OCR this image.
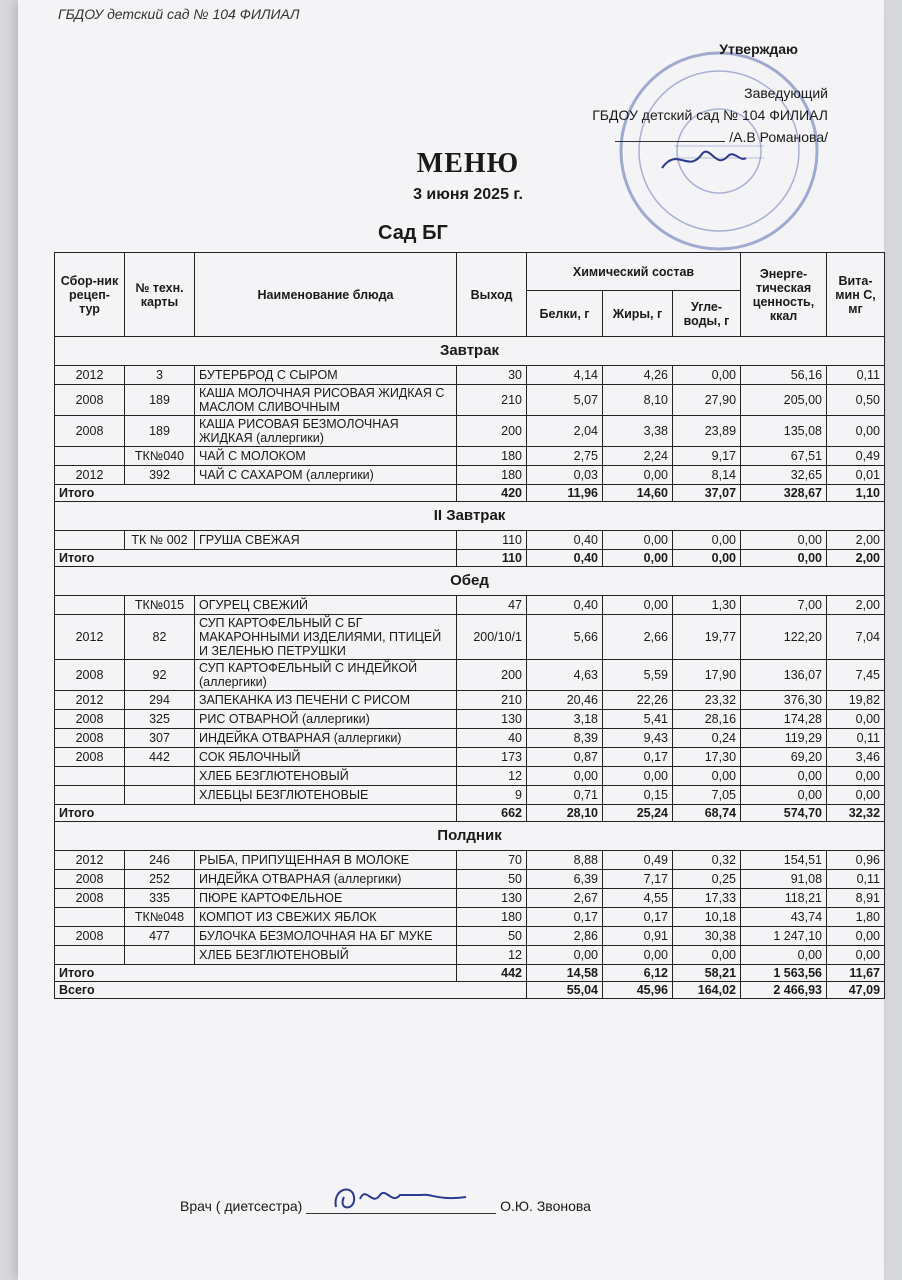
ГБДОУ детский сад № 104 ФИЛИАЛ
Утверждаю
Заведующий
ГБДОУ детский сад № 104 ФИЛИАЛ
/А.В Романова/
МЕНЮ
3 июня 2025 г.
Сад БГ
Сбор-ник рецеп-тур	№ техн. карты	Наименование блюда	Выход	Химический состав			Энерге-тическая ценность, ккал	Вита-мин С, мг
				Белки, г	Жиры, г	Угле-воды, г		
Завтрак								
2012	3	БУТЕРБРОД С СЫРОМ	30	4,14	4,26	0,00	56,16	0,11
2008	189	КАША МОЛОЧНАЯ РИСОВАЯ ЖИДКАЯ С МАСЛОМ СЛИВОЧНЫМ	210	5,07	8,10	27,90	205,00	0,50
2008	189	КАША РИСОВАЯ БЕЗМОЛОЧНАЯ ЖИДКАЯ (аллергики)	200	2,04	3,38	23,89	135,08	0,00
	ТК№040	ЧАЙ С МОЛОКОМ	180	2,75	2,24	9,17	67,51	0,49
2012	392	ЧАЙ С САХАРОМ (аллергики)	180	0,03	0,00	8,14	32,65	0,01
Итого			420	11,96	14,60	37,07	328,67	1,10
II Завтрак								
	ТК № 002	ГРУША СВЕЖАЯ	110	0,40	0,00	0,00	0,00	2,00
Итого			110	0,40	0,00	0,00	0,00	2,00
Обед								
	ТК№015	ОГУРЕЦ СВЕЖИЙ	47	0,40	0,00	1,30	7,00	2,00
2012	82	СУП КАРТОФЕЛЬНЫЙ С БГ МАКАРОННЫМИ ИЗДЕЛИЯМИ, ПТИЦЕЙ И ЗЕЛЕНЬЮ ПЕТРУШКИ	200/10/1	5,66	2,66	19,77	122,20	7,04
2008	92	СУП КАРТОФЕЛЬНЫЙ С ИНДЕЙКОЙ (аллергики)	200	4,63	5,59	17,90	136,07	7,45
2012	294	ЗАПЕКАНКА ИЗ ПЕЧЕНИ С РИСОМ	210	20,46	22,26	23,32	376,30	19,82
2008	325	РИС ОТВАРНОЙ (аллергики)	130	3,18	5,41	28,16	174,28	0,00
2008	307	ИНДЕЙКА ОТВАРНАЯ (аллергики)	40	8,39	9,43	0,24	119,29	0,11
2008	442	СОК ЯБЛОЧНЫЙ	173	0,87	0,17	17,30	69,20	3,46
		ХЛЕБ БЕЗГЛЮТЕНОВЫЙ	12	0,00	0,00	0,00	0,00	0,00
		ХЛЕБЦЫ БЕЗГЛЮТЕНОВЫЕ	9	0,71	0,15	7,05	0,00	0,00
Итого			662	28,10	25,24	68,74	574,70	32,32
Полдник								
2012	246	РЫБА, ПРИПУЩЕННАЯ В МОЛОКЕ	70	8,88	0,49	0,32	154,51	0,96
2008	252	ИНДЕЙКА ОТВАРНАЯ (аллергики)	50	6,39	7,17	0,25	91,08	0,11
2008	335	ПЮРЕ КАРТОФЕЛЬНОЕ	130	2,67	4,55	17,33	118,21	8,91
	ТК№048	КОМПОТ ИЗ СВЕЖИХ ЯБЛОК	180	0,17	0,17	10,18	43,74	1,80
2008	477	БУЛОЧКА БЕЗМОЛОЧНАЯ НА БГ МУКЕ	50	2,86	0,91	30,38	1 247,10	0,00
		ХЛЕБ БЕЗГЛЮТЕНОВЫЙ	12	0,00	0,00	0,00	0,00	0,00
Итого			442	14,58	6,12	58,21	1 563,56	11,67
Всего				55,04	45,96	164,02	2 466,93	47,09
Врач ( диетсестра)	О.Ю. Звонова
